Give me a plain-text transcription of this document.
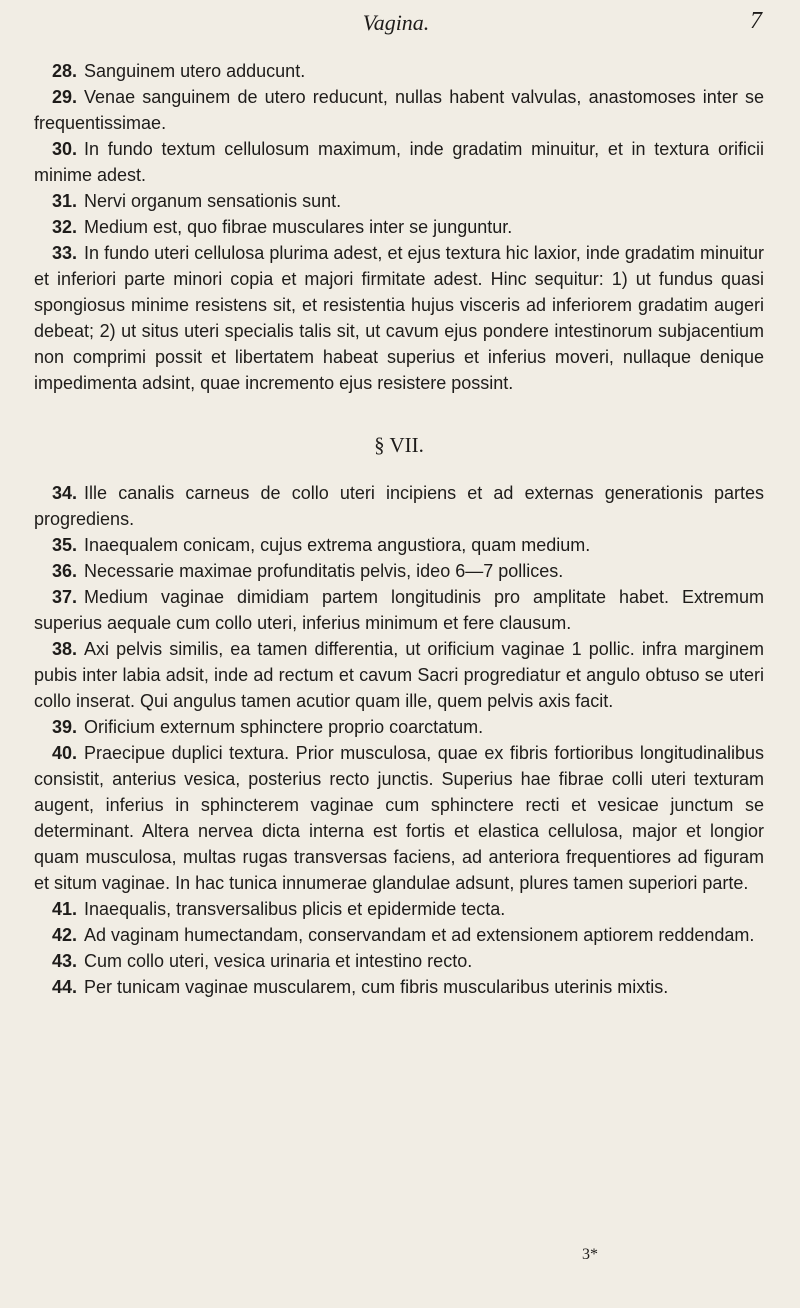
Vagina.	7

28. Sanguinem utero adducunt.

29. Venae sanguinem de utero reducunt, nullas habent valvulas, anastomoses inter se frequentissimae.

30. In fundo textum cellulosum maximum, inde gradatim minuitur, et in textura orificii minime adest.

31. Nervi organum sensationis sunt.

32. Medium est, quo fibrae musculares inter se junguntur.

33. In fundo uteri cellulosa plurima adest, et ejus textura hic laxior, inde gradatim minuitur et inferiori parte minori copia et majori firmitate adest. Hinc sequitur: 1) ut fundus quasi spongiosus minime resistens sit, et resistentia hujus visceris ad inferiorem gradatim augeri debeat; 2) ut situs uteri specialis talis sit, ut cavum ejus pondere intestinorum subjacentium non comprimi possit et libertatem habeat superius et inferius moveri, nullaque denique impedimenta adsint, quae incremento ejus resistere possint.

§ VII.

34. Ille canalis carneus de collo uteri incipiens et ad externas generationis partes progrediens.

35. Inaequalem conicam, cujus extrema angustiora, quam medium.

36. Necessarie maximae profunditatis pelvis, ideo 6—7 pollices.

37. Medium vaginae dimidiam partem longitudinis pro amplitate habet. Extremum superius aequale cum collo uteri, inferius minimum et fere clausum.

38. Axi pelvis similis, ea tamen differentia, ut orificium vaginae 1 pollic. infra marginem pubis inter labia adsit, inde ad rectum et cavum Sacri progrediatur et angulo obtuso se uteri collo inserat. Qui angulus tamen acutior quam ille, quem pelvis axis facit.

39. Orificium externum sphinctere proprio coarctatum.

40. Praecipue duplici textura. Prior musculosa, quae ex fibris fortioribus longitudinalibus consistit, anterius vesica, posterius recto junctis. Superius hae fibrae colli uteri texturam augent, inferius in sphincterem vaginae cum sphinctere recti et vesicae junctum se determinant. Altera nervea dicta interna est fortis et elastica cellulosa, major et longior quam musculosa, multas rugas transversas faciens, ad anteriora frequentiores ad figuram et situm vaginae. In hac tunica innumerae glandulae adsunt, plures tamen superiori parte.

41. Inaequalis, transversalibus plicis et epidermide tecta.

42. Ad vaginam humectandam, conservandam et ad extensionem aptiorem reddendam.

43. Cum collo uteri, vesica urinaria et intestino recto.

44. Per tunicam vaginae muscularem, cum fibris muscularibus uterinis mixtis.

3*
